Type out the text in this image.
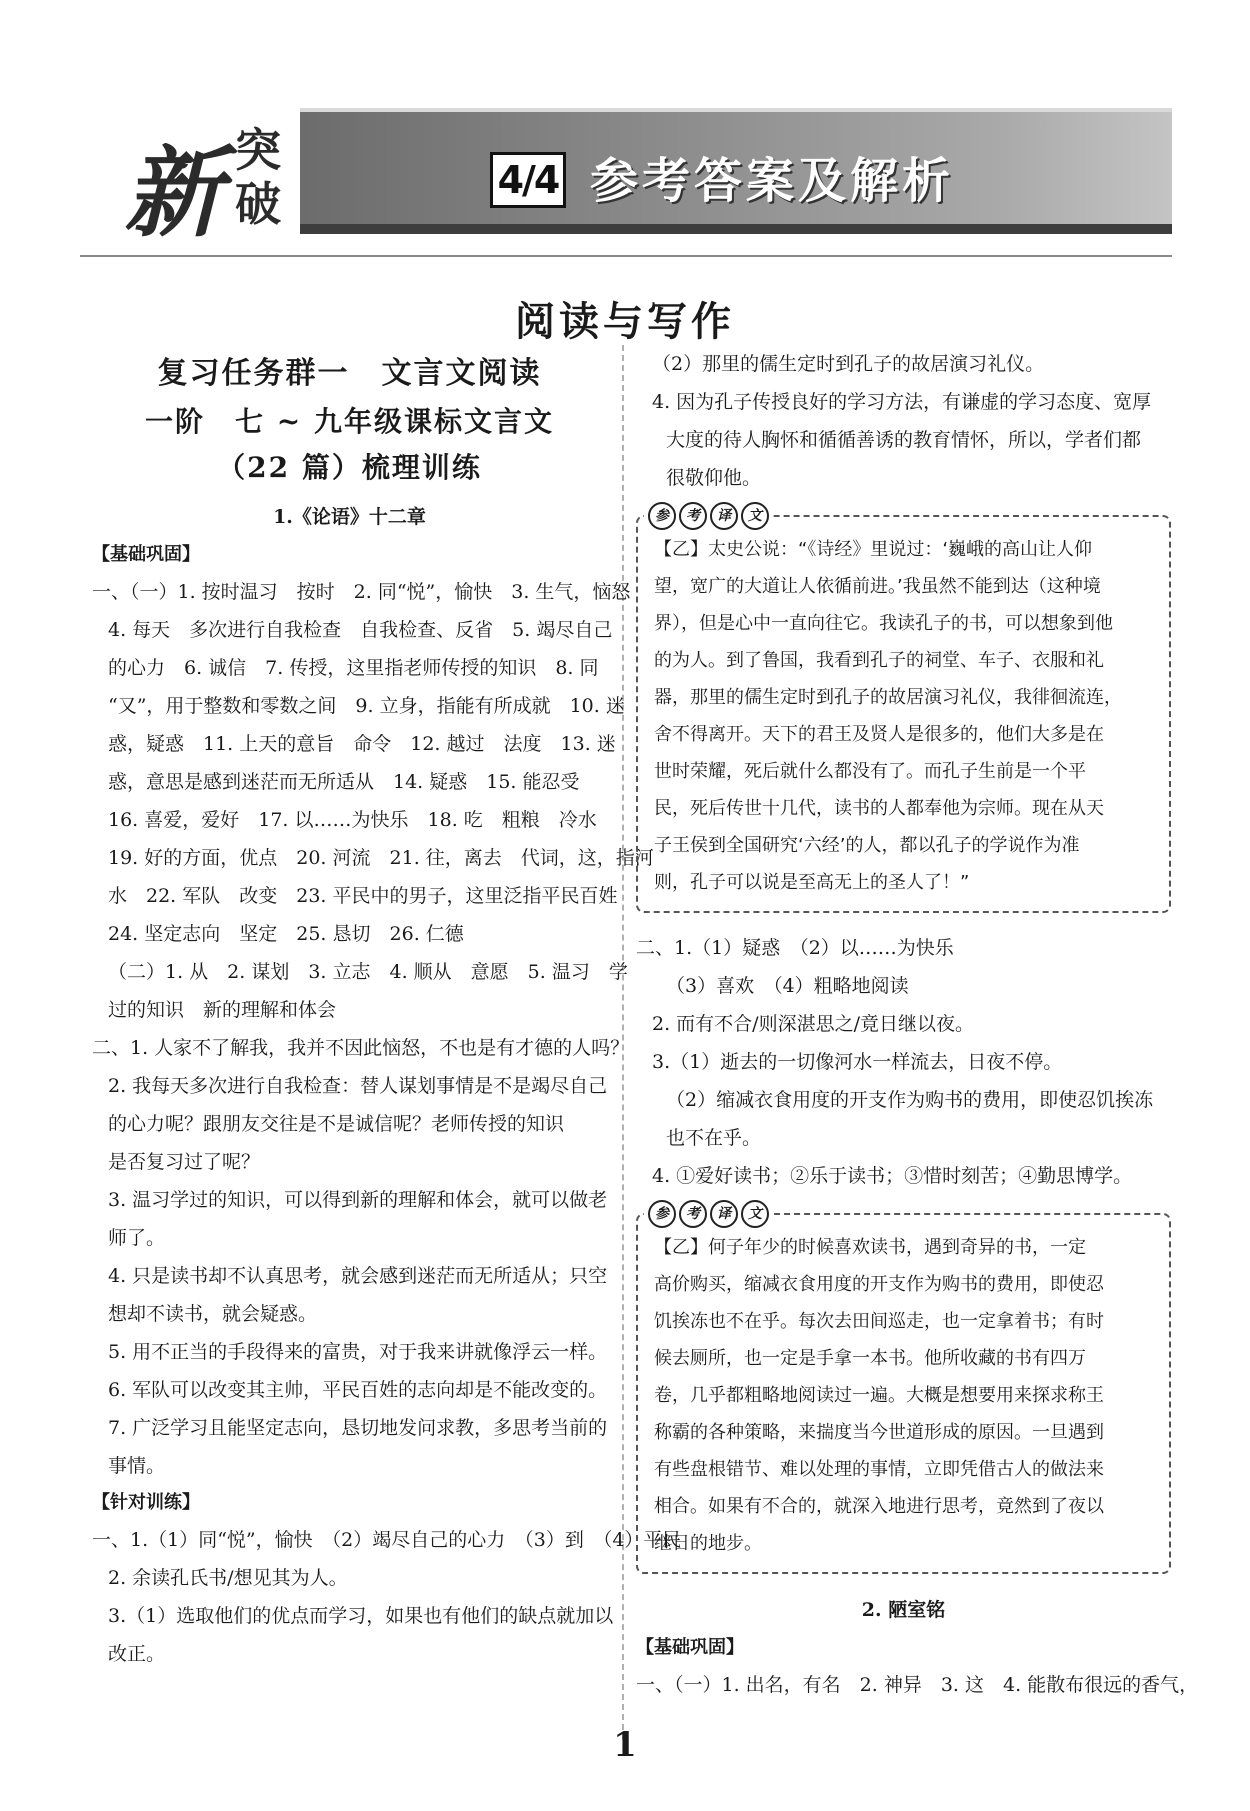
新 突
破	4/4 参考答案及解析
阅读与写作
复习任务群一　文言文阅读
一阶　七 ~ 九年级课标文言文
（22 篇）梳理训练
1.《论语》十二章
【基础巩固】
一、（一）1. 按时温习　按时　2. 同“悦”，愉快　3. 生气，恼怒
4. 每天　多次进行自我检查　自我检查、反省　5. 竭尽自己
的心力　6. 诚信　7. 传授，这里指老师传授的知识　8. 同
“又”，用于整数和零数之间　9. 立身，指能有所成就　10. 迷
惑，疑惑　11. 上天的意旨　命令　12. 越过　法度　13. 迷
惑，意思是感到迷茫而无所适从　14. 疑惑　15. 能忍受
16. 喜爱，爱好　17. 以……为快乐　18. 吃　粗粮　冷水
19. 好的方面，优点　20. 河流　21. 往，离去　代词，这，指河
水　22. 军队　改变　23. 平民中的男子，这里泛指平民百姓
24. 坚定志向　坚定　25. 恳切　26. 仁德
（二）1. 从　2. 谋划　3. 立志　4. 顺从　意愿　5. 温习　学
过的知识　新的理解和体会
二、1. 人家不了解我，我并不因此恼怒，不也是有才德的人吗？
2. 我每天多次进行自我检查：替人谋划事情是不是竭尽自己
的心力呢？跟朋友交往是不是诚信呢？老师传授的知识
是否复习过了呢？
3. 温习学过的知识，可以得到新的理解和体会，就可以做老
师了。
4. 只是读书却不认真思考，就会感到迷茫而无所适从；只空
想却不读书，就会疑惑。
5. 用不正当的手段得来的富贵，对于我来讲就像浮云一样。
6. 军队可以改变其主帅，平民百姓的志向却是不能改变的。
7. 广泛学习且能坚定志向，恳切地发问求教，多思考当前的
事情。
【针对训练】
一、1.（1）同“悦”，愉快　（2）竭尽自己的心力　（3）到　（4）平民
2. 余读孔氏书/想见其为人。
3.（1）选取他们的优点而学习，如果也有他们的缺点就加以
改正。
（2）那里的儒生定时到孔子的故居演习礼仪。
4. 因为孔子传授良好的学习方法，有谦虚的学习态度、宽厚
大度的待人胸怀和循循善诱的教育情怀，所以，学者们都
很敬仰他。
参	考	译	文
【乙】太史公说：“《诗经》里说过：‘巍峨的高山让人仰
望，宽广的大道让人依循前进。’我虽然不能到达（这种境
界），但是心中一直向往它。我读孔子的书，可以想象到他
的为人。到了鲁国，我看到孔子的祠堂、车子、衣服和礼
器，那里的儒生定时到孔子的故居演习礼仪，我徘徊流连，
舍不得离开。天下的君王及贤人是很多的，他们大多是在
世时荣耀，死后就什么都没有了。而孔子生前是一个平
民，死后传世十几代，读书的人都奉他为宗师。现在从天
子王侯到全国研究‘六经’的人，都以孔子的学说作为准
则，孔子可以说是至高无上的圣人了！”
二、1.（1）疑惑　（2）以……为快乐
（3）喜欢　（4）粗略地阅读
2. 而有不合/则深湛思之/竟日继以夜。
3.（1）逝去的一切像河水一样流去，日夜不停。
（2）缩减衣食用度的开支作为购书的费用，即使忍饥挨冻
也不在乎。
4. ①爱好读书；②乐于读书；③惜时刻苦；④勤思博学。
参	考	译	文
【乙】何子年少的时候喜欢读书，遇到奇异的书，一定
高价购买，缩减衣食用度的开支作为购书的费用，即使忍
饥挨冻也不在乎。每次去田间巡走，也一定拿着书；有时
候去厕所，也一定是手拿一本书。他所收藏的书有四万
卷，几乎都粗略地阅读过一遍。大概是想要用来探求称王
称霸的各种策略，来揣度当今世道形成的原因。一旦遇到
有些盘根错节、难以处理的事情，立即凭借古人的做法来
相合。如果有不合的，就深入地进行思考，竟然到了夜以
继日的地步。
2. 陋室铭
【基础巩固】
一、（一）1. 出名，有名　2. 神异　3. 这　4. 能散布很远的香气，
1
